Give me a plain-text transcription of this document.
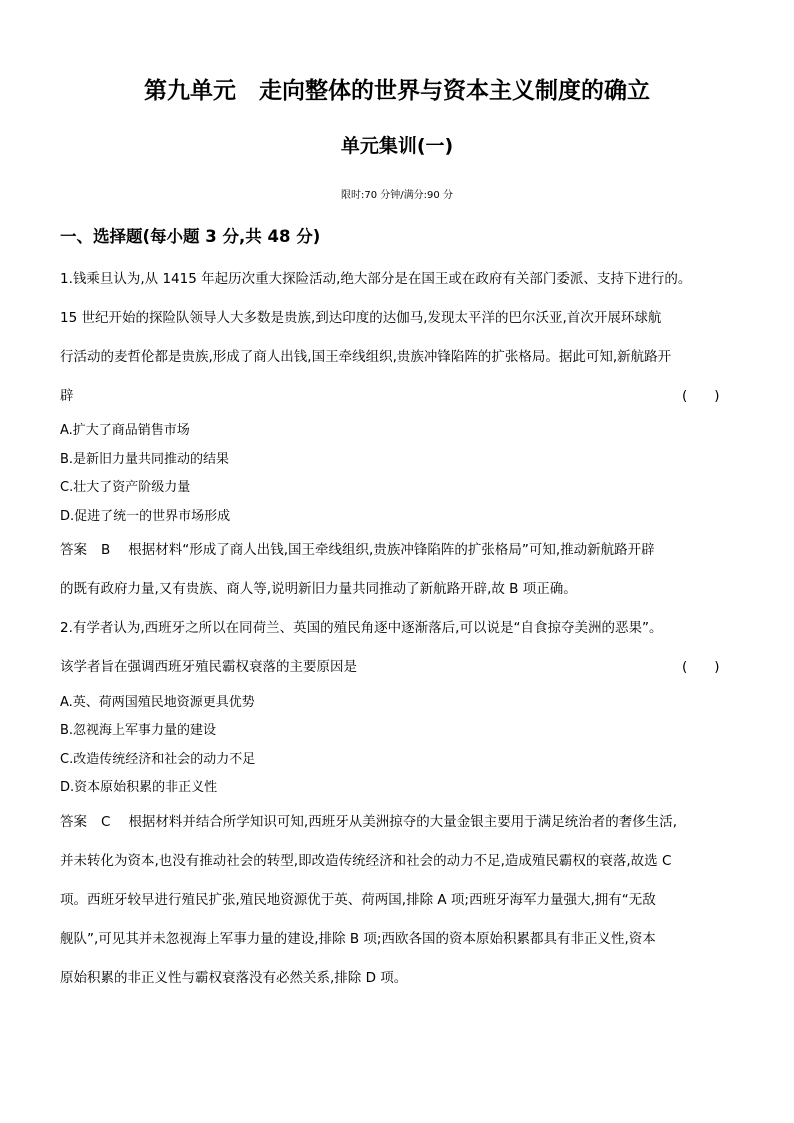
第九单元　走向整体的世界与资本主义制度的确立
单元集训(一)
限时:70 分钟/满分:90 分
一、选择题(每小题 3 分,共 48 分)
1.钱乘旦认为,从 1415 年起历次重大探险活动,绝大部分是在国王或在政府有关部门委派、支持下进行的。
15 世纪开始的探险队领导人大多数是贵族,到达印度的达伽马,发现太平洋的巴尔沃亚,首次开展环球航
行活动的麦哲伦都是贵族,形成了商人出钱,国王牵线组织,贵族冲锋陷阵的扩张格局。据此可知,新航路开
辟	(　　)
A.扩大了商品销售市场
B.是新旧力量共同推动的结果
C.壮大了资产阶级力量
D.促进了统一的世界市场形成
答案 B 根据材料“形成了商人出钱,国王牵线组织,贵族冲锋陷阵的扩张格局”可知,推动新航路开辟
的既有政府力量,又有贵族、商人等,说明新旧力量共同推动了新航路开辟,故 B 项正确。
2.有学者认为,西班牙之所以在同荷兰、英国的殖民角逐中逐渐落后,可以说是“自食掠夺美洲的恶果”。
该学者旨在强调西班牙殖民霸权衰落的主要原因是	(　　)
A.英、荷两国殖民地资源更具优势
B.忽视海上军事力量的建设
C.改造传统经济和社会的动力不足
D.资本原始积累的非正义性
答案 C 根据材料并结合所学知识可知,西班牙从美洲掠夺的大量金银主要用于满足统治者的奢侈生活,
并未转化为资本,也没有推动社会的转型,即改造传统经济和社会的动力不足,造成殖民霸权的衰落,故选 C
项。西班牙较早进行殖民扩张,殖民地资源优于英、荷两国,排除 A 项;西班牙海军力量强大,拥有“无敌
舰队”,可见其并未忽视海上军事力量的建设,排除 B 项;西欧各国的资本原始积累都具有非正义性,资本
原始积累的非正义性与霸权衰落没有必然关系,排除 D 项。
